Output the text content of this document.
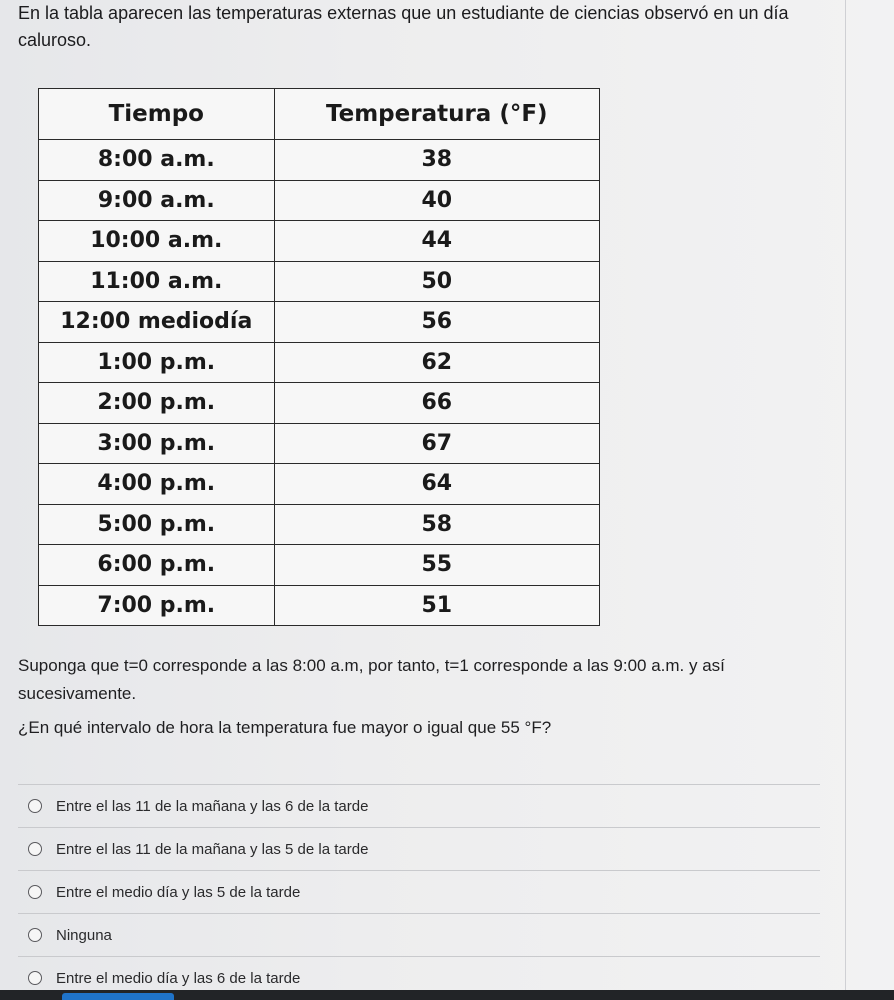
En la tabla aparecen las temperaturas externas que un estudiante de ciencias observó en un día caluroso.

Tiempo	Temperatura (°F)
8:00 a.m.	38
9:00 a.m.	40
10:00 a.m.	44
11:00 a.m.	50
12:00 mediodía	56
1:00 p.m.	62
2:00 p.m.	66
3:00 p.m.	67
4:00 p.m.	64
5:00 p.m.	58
6:00 p.m.	55
7:00 p.m.	51

Suponga que t=0 corresponde a las 8:00 a.m, por tanto, t=1 corresponde a las 9:00 a.m. y así sucesivamente.

¿En qué intervalo de hora la temperatura fue mayor o igual que 55 °F?

Entre el las 11 de la mañana y las 6 de la tarde
Entre el las 11 de la mañana y las 5 de la tarde
Entre el medio día y las 5 de la tarde
Ninguna
Entre el medio día y las 6 de la tarde
